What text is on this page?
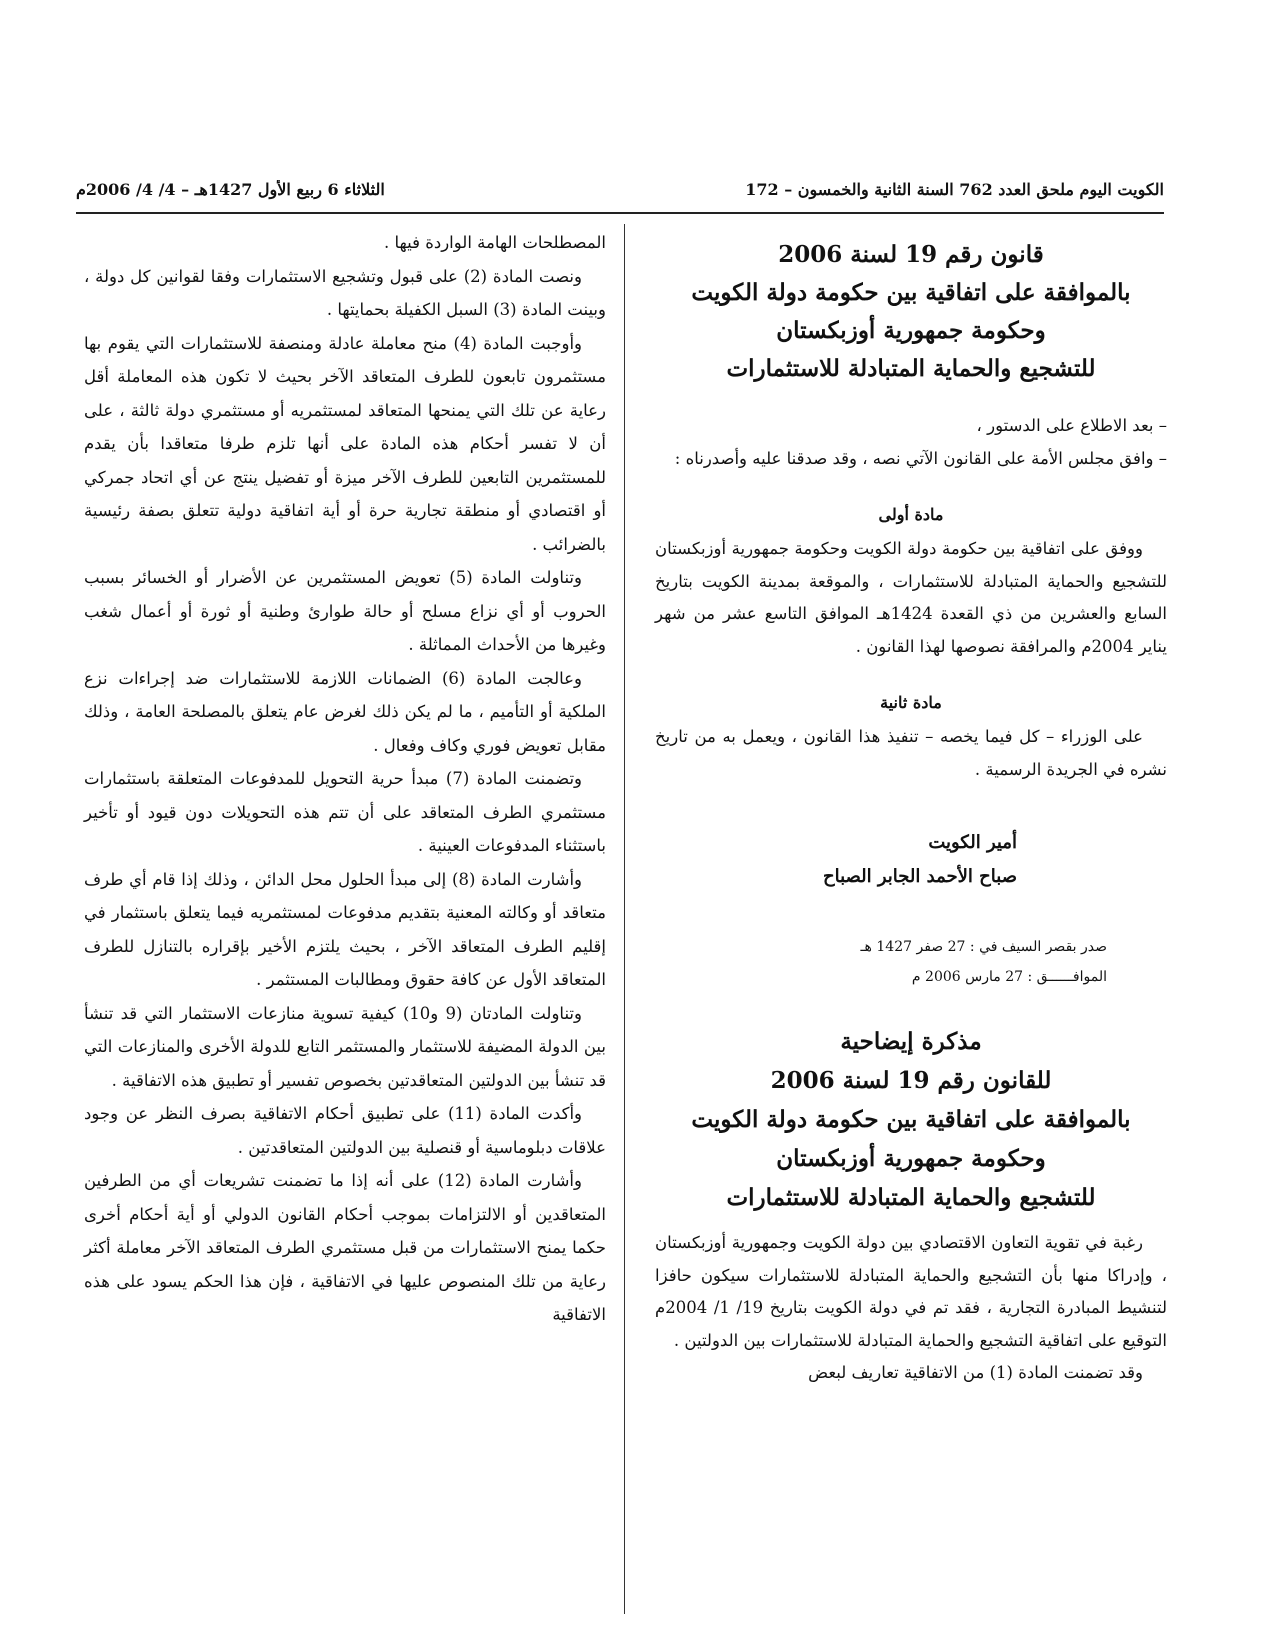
الكويت اليوم ملحق العدد 762 السنة الثانية والخمسون – 172
الثلاثاء 6 ربيع الأول 1427هـ – 4/ 4/ 2006م
قانون رقم 19 لسنة 2006
بالموافقة على اتفاقية بين حكومة دولة الكويت
وحكومة جمهورية أوزبكستان
للتشجيع والحماية المتبادلة للاستثمارات

– بعد الاطلاع على الدستور ،

– وافق مجلس الأمة على القانون الآتي نصه ، وقد صدقنا عليه وأصدرناه :

مادة أولى

ووفق على اتفاقية بين حكومة دولة الكويت وحكومة جمهورية أوزبكستان للتشجيع والحماية المتبادلة للاستثمارات ، والموقعة بمدينة الكويت بتاريخ السابع والعشرين من ذي القعدة 1424هـ الموافق التاسع عشر من شهر يناير 2004م والمرافقة نصوصها لهذا القانون .

مادة ثانية

على الوزراء – كل فيما يخصه – تنفيذ هذا القانون ، ويعمل به من تاريخ نشره في الجريدة الرسمية .

أمير الكويت
صباح الأحمد الجابر الصباح
صدر بقصر السيف في : 27 صفر 1427 هـ
الموافــــــق : 27 مارس 2006 م
مذكرة إيضاحية
للقانون رقم 19 لسنة 2006
بالموافقة على اتفاقية بين حكومة دولة الكويت
وحكومة جمهورية أوزبكستان
للتشجيع والحماية المتبادلة للاستثمارات

رغبة في تقوية التعاون الاقتصادي بين دولة الكويت وجمهورية أوزبكستان ، وإدراكا منها بأن التشجيع والحماية المتبادلة للاستثمارات سيكون حافزا لتنشيط المبادرة التجارية ، فقد تم في دولة الكويت بتاريخ 19/ 1/ 2004م التوقيع على اتفاقية التشجيع والحماية المتبادلة للاستثمارات بين الدولتين .

وقد تضمنت المادة (1) من الاتفاقية تعاريف لبعض

المصطلحات الهامة الواردة فيها .

ونصت المادة (2) على قبول وتشجيع الاستثمارات وفقا لقوانين كل دولة ، وبينت المادة (3) السبل الكفيلة بحمايتها .

وأوجبت المادة (4) منح معاملة عادلة ومنصفة للاستثمارات التي يقوم بها مستثمرون تابعون للطرف المتعاقد الآخر بحيث لا تكون هذه المعاملة أقل رعاية عن تلك التي يمنحها المتعاقد لمستثمريه أو مستثمري دولة ثالثة ، على أن لا تفسر أحكام هذه المادة على أنها تلزم طرفا متعاقدا بأن يقدم للمستثمرين التابعين للطرف الآخر ميزة أو تفضيل ينتج عن أي اتحاد جمركي أو اقتصادي أو منطقة تجارية حرة أو أية اتفاقية دولية تتعلق بصفة رئيسية بالضرائب .

وتناولت المادة (5) تعويض المستثمرين عن الأضرار أو الخسائر بسبب الحروب أو أي نزاع مسلح أو حالة طوارئ وطنية أو ثورة أو أعمال شغب وغيرها من الأحداث المماثلة .

وعالجت المادة (6) الضمانات اللازمة للاستثمارات ضد إجراءات نزع الملكية أو التأميم ، ما لم يكن ذلك لغرض عام يتعلق بالمصلحة العامة ، وذلك مقابل تعويض فوري وكاف وفعال .

وتضمنت المادة (7) مبدأ حرية التحويل للمدفوعات المتعلقة باستثمارات مستثمري الطرف المتعاقد على أن تتم هذه التحويلات دون قيود أو تأخير باستثناء المدفوعات العينية .

وأشارت المادة (8) إلى مبدأ الحلول محل الدائن ، وذلك إذا قام أي طرف متعاقد أو وكالته المعنية بتقديم مدفوعات لمستثمريه فيما يتعلق باستثمار في إقليم الطرف المتعاقد الآخر ، بحيث يلتزم الأخير بإقراره بالتنازل للطرف المتعاقد الأول عن كافة حقوق ومطالبات المستثمر .

وتناولت المادتان (9 و10) كيفية تسوية منازعات الاستثمار التي قد تنشأ بين الدولة المضيفة للاستثمار والمستثمر التابع للدولة الأخرى والمنازعات التي قد تنشأ بين الدولتين المتعاقدتين بخصوص تفسير أو تطبيق هذه الاتفاقية .

وأكدت المادة (11) على تطبيق أحكام الاتفاقية بصرف النظر عن وجود علاقات دبلوماسية أو قنصلية بين الدولتين المتعاقدتين .

وأشارت المادة (12) على أنه إذا ما تضمنت تشريعات أي من الطرفين المتعاقدين أو الالتزامات بموجب أحكام القانون الدولي أو أية أحكام أخرى حكما يمنح الاستثمارات من قبل مستثمري الطرف المتعاقد الآخر معاملة أكثر رعاية من تلك المنصوص عليها في الاتفاقية ، فإن هذا الحكم يسود على هذه الاتفاقية
